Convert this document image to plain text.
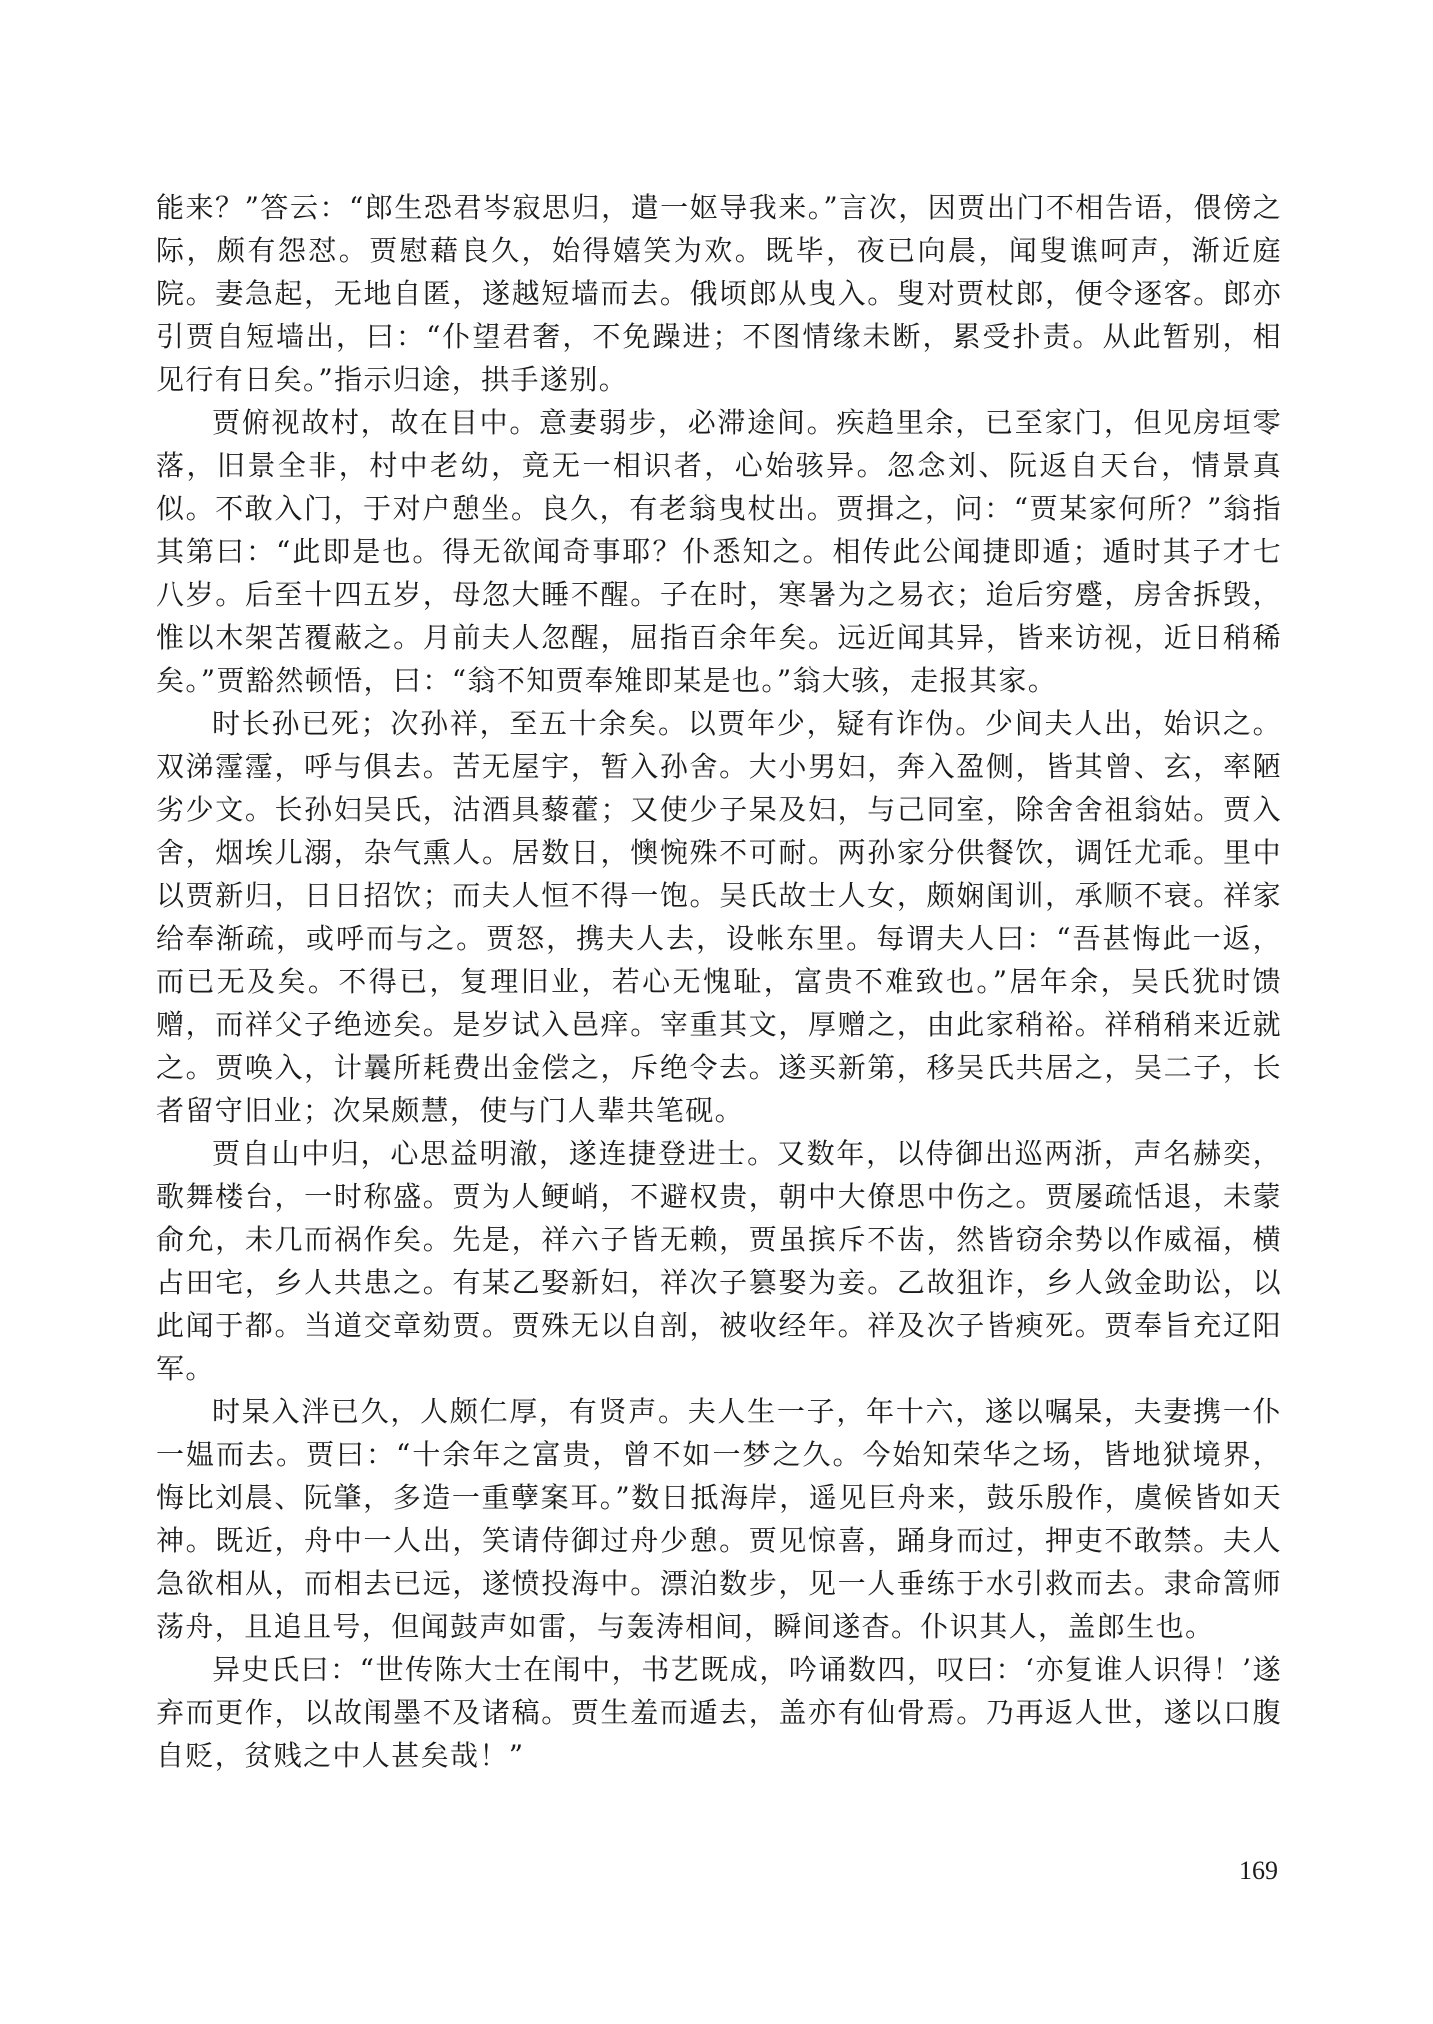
能来？”答云：“郎生恐君岑寂思归，遣一妪导我来。”言次，因贾出门不相告语，偎傍之际，颇有怨怼。贾慰藉良久，始得嬉笑为欢。既毕，夜已向晨，闻叟谯呵声，渐近庭院。妻急起，无地自匿，遂越短墙而去。俄顷郎从曳入。叟对贾杖郎，便令逐客。郎亦引贾自短墙出，曰：“仆望君奢，不免躁进；不图情缘未断，累受扑责。从此暂别，相见行有日矣。”指示归途，拱手遂别。

贾俯视故村，故在目中。意妻弱步，必滞途间。疾趋里余，已至家门，但见房垣零落，旧景全非，村中老幼，竟无一相识者，心始骇异。忽念刘、阮返自天台，情景真似。不敢入门，于对户憩坐。良久，有老翁曳杖出。贾揖之，问：“贾某家何所？”翁指其第曰：“此即是也。得无欲闻奇事耶？仆悉知之。相传此公闻捷即遁；遁时其子才七八岁。后至十四五岁，母忽大睡不醒。子在时，寒暑为之易衣；迨后穷蹙，房舍拆毁，惟以木架苫覆蔽之。月前夫人忽醒，屈指百余年矣。远近闻其异，皆来访视，近日稍稀矣。”贾豁然顿悟，曰：“翁不知贾奉雉即某是也。”翁大骇，走报其家。

时长孙已死；次孙祥，至五十余矣。以贾年少，疑有诈伪。少间夫人出，始识之。双涕霪霪，呼与俱去。苦无屋宇，暂入孙舍。大小男妇，奔入盈侧，皆其曾、玄，率陋劣少文。长孙妇吴氏，沽酒具藜藿；又使少子杲及妇，与己同室，除舍舍祖翁姑。贾入舍，烟埃儿溺，杂气熏人。居数日，懊惋殊不可耐。两孙家分供餐饮，调饪尤乖。里中以贾新归，日日招饮；而夫人恒不得一饱。吴氏故士人女，颇娴闺训，承顺不衰。祥家给奉渐疏，或呼而与之。贾怒，携夫人去，设帐东里。每谓夫人曰：“吾甚悔此一返，而已无及矣。不得已，复理旧业，若心无愧耻，富贵不难致也。”居年余，吴氏犹时馈赠，而祥父子绝迹矣。是岁试入邑痒。宰重其文，厚赠之，由此家稍裕。祥稍稍来近就之。贾唤入，计曩所耗费出金偿之，斥绝令去。遂买新第，移吴氏共居之，吴二子，长者留守旧业；次杲颇慧，使与门人辈共笔砚。

贾自山中归，心思益明澈，遂连捷登进士。又数年，以侍御出巡两浙，声名赫奕，歌舞楼台，一时称盛。贾为人鲠峭，不避权贵，朝中大僚思中伤之。贾屡疏恬退，未蒙俞允，未几而祸作矣。先是，祥六子皆无赖，贾虽摈斥不齿，然皆窃余势以作威福，横占田宅，乡人共患之。有某乙娶新妇，祥次子篡娶为妾。乙故狙诈，乡人敛金助讼，以此闻于都。当道交章劾贾。贾殊无以自剖，被收经年。祥及次子皆瘐死。贾奉旨充辽阳军。

时杲入泮已久，人颇仁厚，有贤声。夫人生一子，年十六，遂以嘱杲，夫妻携一仆一媪而去。贾曰：“十余年之富贵，曾不如一梦之久。今始知荣华之场，皆地狱境界，悔比刘晨、阮肇，多造一重孽案耳。”数日抵海岸，遥见巨舟来，鼓乐殷作，虞候皆如天神。既近，舟中一人出，笑请侍御过舟少憩。贾见惊喜，踊身而过，押吏不敢禁。夫人急欲相从，而相去已远，遂愤投海中。漂泊数步，见一人垂练于水引救而去。隶命篙师荡舟，且追且号，但闻鼓声如雷，与轰涛相间，瞬间遂杳。仆识其人，盖郎生也。

异史氏曰：“世传陈大士在闱中，书艺既成，吟诵数四，叹曰：‘亦复谁人识得！’遂弃而更作，以故闱墨不及诸稿。贾生羞而遁去，盖亦有仙骨焉。乃再返人世，遂以口腹自贬，贫贱之中人甚矣哉！”

169
